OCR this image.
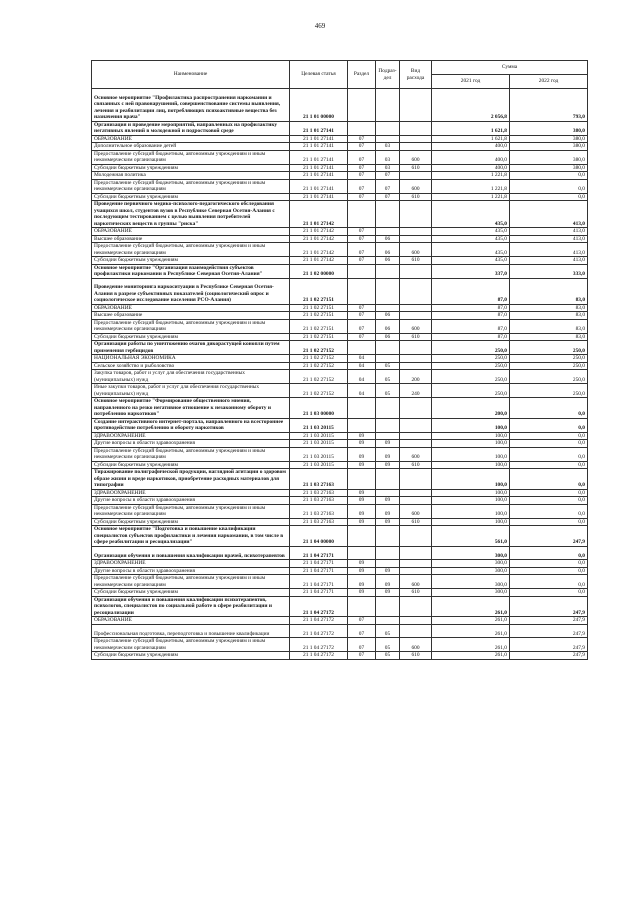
469
Наименование	Целевая статья	Раздел	Подраз-дел	Вид расхода	Сумма	
					2021 год	2022 год
Основное мероприятие "Профилактика распространения наркомании и связанных с ней правонарушений, совершенствование системы выявления, лечения и реабилитации лиц, потребляющих психоактивные вещества без назначения врача"	21 1 01 00000				2 056,8	793,0
Организация и проведение мероприятий, направленных на профилактику негативных явлений в молодежной и подростковой среде	21 1 01 27141				1 621,8	380,0
ОБРАЗОВАНИЕ	21 1 01 27141	07			1 621,8	380,0
Дополнительное образование детей	21 1 01 27141	07	03		400,0	380,0
Предоставление субсидий бюджетным, автономным учреждениям и иным некоммерческим организациям	21 1 01 27141	07	03	600	400,0	380,0
Субсидии бюджетным учреждениям	21 1 01 27141	07	03	610	400,0	380,0
Молодежная политика	21 1 01 27141	07	07		1 221,8	0,0
Предоставление субсидий бюджетным, автономным учреждениям и иным некоммерческим организациям	21 1 01 27141	07	07	600	1 221,8	0,0
Субсидии бюджетным учреждениям	21 1 01 27141	07	07	610	1 221,8	0,0
Проведение первичного медико-психолого-педагогического обследования учащихся школ, студентов вузов в Республике Северная Осетия-Алания с последующим тестированием с целью выявления потребителей наркотических веществ в группы "риска"	21 1 01 27142				435,0	413,0
ОБРАЗОВАНИЕ	21 1 01 27142	07			435,0	413,0
Высшее образование	21 1 01 27142	07	06		435,0	413,0
Предоставление субсидий бюджетным, автономным учреждениям и иным некоммерческим организациям	21 1 01 27142	07	06	600	435,0	413,0
Субсидии бюджетным учреждениям	21 1 01 27142	07	06	610	435,0	413,0
Основное мероприятие "Организация взаимодействия субъектов профилактики наркомании в Республике Северная Осетия-Алания"	21 1 02 00000				337,0	333,0
Проведение мониторинга наркоситуации в Республике Северная Осетия-Алания в разрезе субъективных показателей (социологический опрос и социологическое исследование населения РСО-Алания)	21 1 02 27151				87,0	83,0
ОБРАЗОВАНИЕ	21 1 02 27151	07			87,0	83,0
Высшее образование	21 1 02 27151	07	06		87,0	83,0
Предоставление субсидий бюджетным, автономным учреждениям и иным некоммерческим организациям	21 1 02 27151	07	06	600	87,0	83,0
Субсидии бюджетным учреждениям	21 1 02 27151	07	06	610	87,0	83,0
Организация работы по уничтожению очагов дикорастущей конопли путем применения гербицидов	21 1 02 27152				250,0	250,0
НАЦИОНАЛЬНАЯ ЭКОНОМИКА	21 1 02 27152	04			250,0	250,0
Сельское хозяйство и рыболовство	21 1 02 27152	04	05		250,0	250,0
Закупка товаров, работ и услуг для обеспечения государственных (муниципальных) нужд	21 1 02 27152	04	05	200	250,0	250,0
Иные закупки товаров, работ и услуг для обеспечения государственных (муниципальных) нужд	21 1 02 27152	04	05	240	250,0	250,0
Основное мероприятие "Формирование общественного мнения, направленного на резко негативное отношение к незаконному обороту и потреблению наркотиков"	21 1 03 00000				200,0	0,0
Создание интерактивного интернет-портала, направленного на всестороннее противодействие потреблению и обороту наркотиков	21 1 03 20115				100,0	0,0
ЗДРАВООХРАНЕНИЕ	21 1 03 20115	09			100,0	0,0
Другие вопросы в области здравоохранения	21 1 03 20115	09	09		100,0	0,0
Предоставление субсидий бюджетным, автономным учреждениям и иным некоммерческим организациям	21 1 03 20115	09	09	600	100,0	0,0
Субсидии бюджетным учреждениям	21 1 03 20115	09	09	610	100,0	0,0
Тиражирование полиграфической продукции, наглядной агитации о здоровом образе жизни и вреде наркотиков, приобретение расходных материалов для типографии	21 1 03 27163				100,0	0,0
ЗДРАВООХРАНЕНИЕ	21 1 03 27163	09			100,0	0,0
Другие вопросы в области здравоохранения	21 1 03 27163	09	09		100,0	0,0
Предоставление субсидий бюджетным, автономным учреждениям и иным некоммерческим организациям	21 1 03 27163	09	09	600	100,0	0,0
Субсидии бюджетным учреждениям	21 1 03 27163	09	09	610	100,0	0,0
Основное мероприятие "Подготовка и повышение квалификации специалистов субъектов профилактики и лечения наркомании, в том числе в сфере реабилитации и ресоциализации"	21 1 04 00000				561,0	247,9
Организация обучения и повышения квалификации врачей, психотерапевтов	21 1 04 27171				300,0	0,0
ЗДРАВООХРАНЕНИЕ	21 1 04 27171	09			300,0	0,0
Другие вопросы в области здравоохранения	21 1 04 27171	09	09		300,0	0,0
Предоставление субсидий бюджетным, автономным учреждениям и иным некоммерческим организациям	21 1 04 27171	09	09	600	300,0	0,0
Субсидии бюджетным учреждениям	21 1 04 27171	09	09	610	300,0	0,0
Организация обучения и повышения квалификации психотерапевтов, психологов, специалистов по социальной работе в сфере реабилитации и ресоциализации	21 1 04 27172				261,0	247,9
ОБРАЗОВАНИЕ	21 1 04 27172	07			261,0	247,9
Профессиональная подготовка, переподготовка и повышение квалификации	21 1 04 27172	07	05		261,0	247,9
Предоставление субсидий бюджетным, автономным учреждениям и иным некоммерческим организациям	21 1 04 27172	07	05	600	261,0	247,9
Субсидии бюджетным учреждениям	21 1 04 27172	07	05	610	261,0	247,9
